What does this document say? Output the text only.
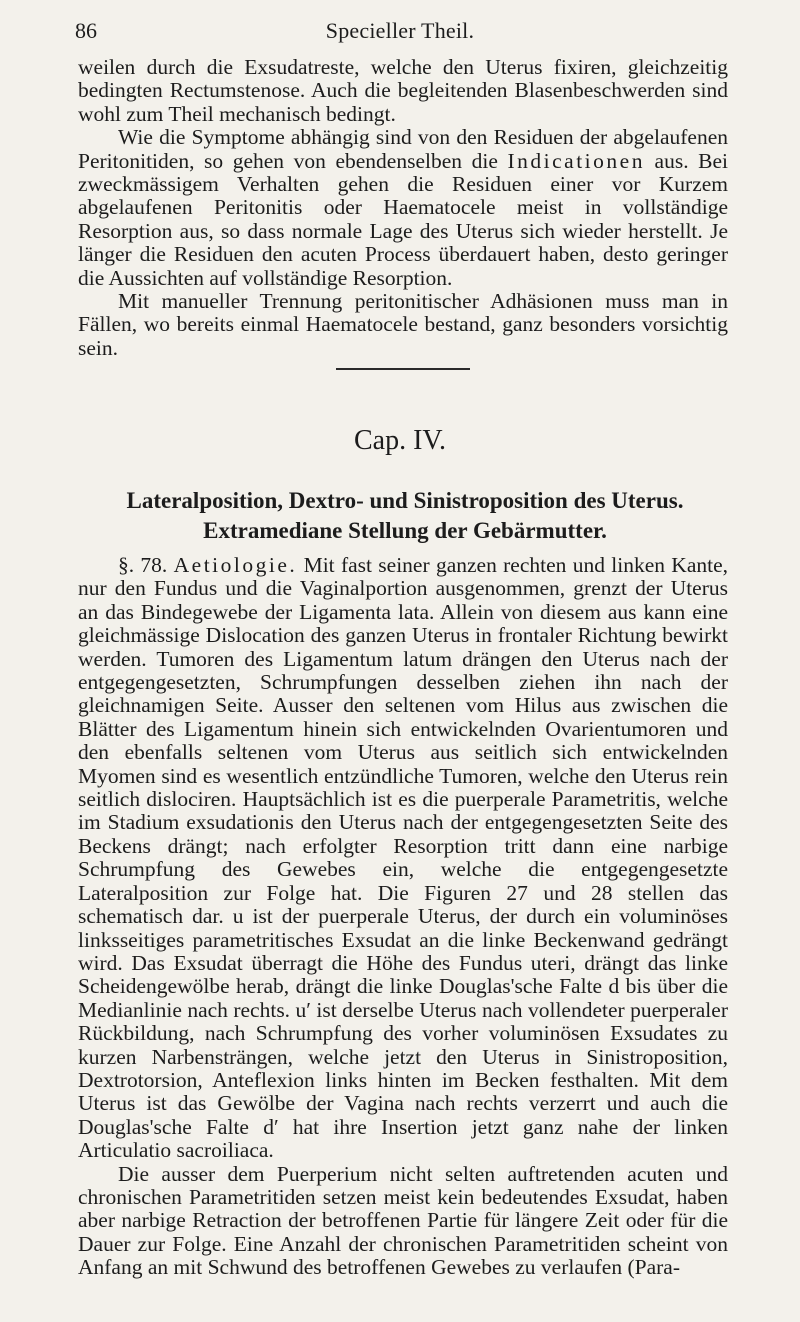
86	Specieller Theil.

weilen durch die Exsudatreste, welche den Uterus fixiren, gleichzeitig bedingten Rectumstenose. Auch die begleitenden Blasenbeschwerden sind wohl zum Theil mechanisch bedingt.

Wie die Symptome abhängig sind von den Residuen der abgelaufenen Peritonitiden, so gehen von ebendenselben die Indicationen aus. Bei zweckmässigem Verhalten gehen die Residuen einer vor Kurzem abgelaufenen Peritonitis oder Haematocele meist in vollständige Resorption aus, so dass normale Lage des Uterus sich wieder herstellt. Je länger die Residuen den acuten Process überdauert haben, desto geringer die Aussichten auf vollständige Resorption.

Mit manueller Trennung peritonitischer Adhäsionen muss man in Fällen, wo bereits einmal Haematocele bestand, ganz besonders vorsichtig sein.

Cap. IV.
Lateralposition, Dextro- und Sinistroposition des Uterus.
Extramediane Stellung der Gebärmutter.

§. 78. Aetiologie. Mit fast seiner ganzen rechten und linken Kante, nur den Fundus und die Vaginalportion ausgenommen, grenzt der Uterus an das Bindegewebe der Ligamenta lata. Allein von diesem aus kann eine gleichmässige Dislocation des ganzen Uterus in frontaler Richtung bewirkt werden. Tumoren des Ligamentum latum drängen den Uterus nach der entgegengesetzten, Schrumpfungen desselben ziehen ihn nach der gleichnamigen Seite. Ausser den seltenen vom Hilus aus zwischen die Blätter des Ligamentum hinein sich entwickelnden Ovarientumoren und den ebenfalls seltenen vom Uterus aus seitlich sich entwickelnden Myomen sind es wesentlich entzündliche Tumoren, welche den Uterus rein seitlich dislociren. Hauptsächlich ist es die puerperale Parametritis, welche im Stadium exsudationis den Uterus nach der entgegengesetzten Seite des Beckens drängt; nach erfolgter Resorption tritt dann eine narbige Schrumpfung des Gewebes ein, welche die entgegengesetzte Lateralposition zur Folge hat. Die Figuren 27 und 28 stellen das schematisch dar. u ist der puerperale Uterus, der durch ein voluminöses linksseitiges parametritisches Exsudat an die linke Beckenwand gedrängt wird. Das Exsudat überragt die Höhe des Fundus uteri, drängt das linke Scheidengewölbe herab, drängt die linke Douglas'sche Falte d bis über die Medianlinie nach rechts. u′ ist derselbe Uterus nach vollendeter puerperaler Rückbildung, nach Schrumpfung des vorher voluminösen Exsudates zu kurzen Narbensträngen, welche jetzt den Uterus in Sinistroposition, Dextrotorsion, Anteflexion links hinten im Becken festhalten. Mit dem Uterus ist das Gewölbe der Vagina nach rechts verzerrt und auch die Douglas'sche Falte d′ hat ihre Insertion jetzt ganz nahe der linken Articulatio sacroiliaca.

Die ausser dem Puerperium nicht selten auftretenden acuten und chronischen Parametritiden setzen meist kein bedeutendes Exsudat, haben aber narbige Retraction der betroffenen Partie für längere Zeit oder für die Dauer zur Folge. Eine Anzahl der chronischen Parametritiden scheint von Anfang an mit Schwund des betroffenen Gewebes zu verlaufen (Para-
